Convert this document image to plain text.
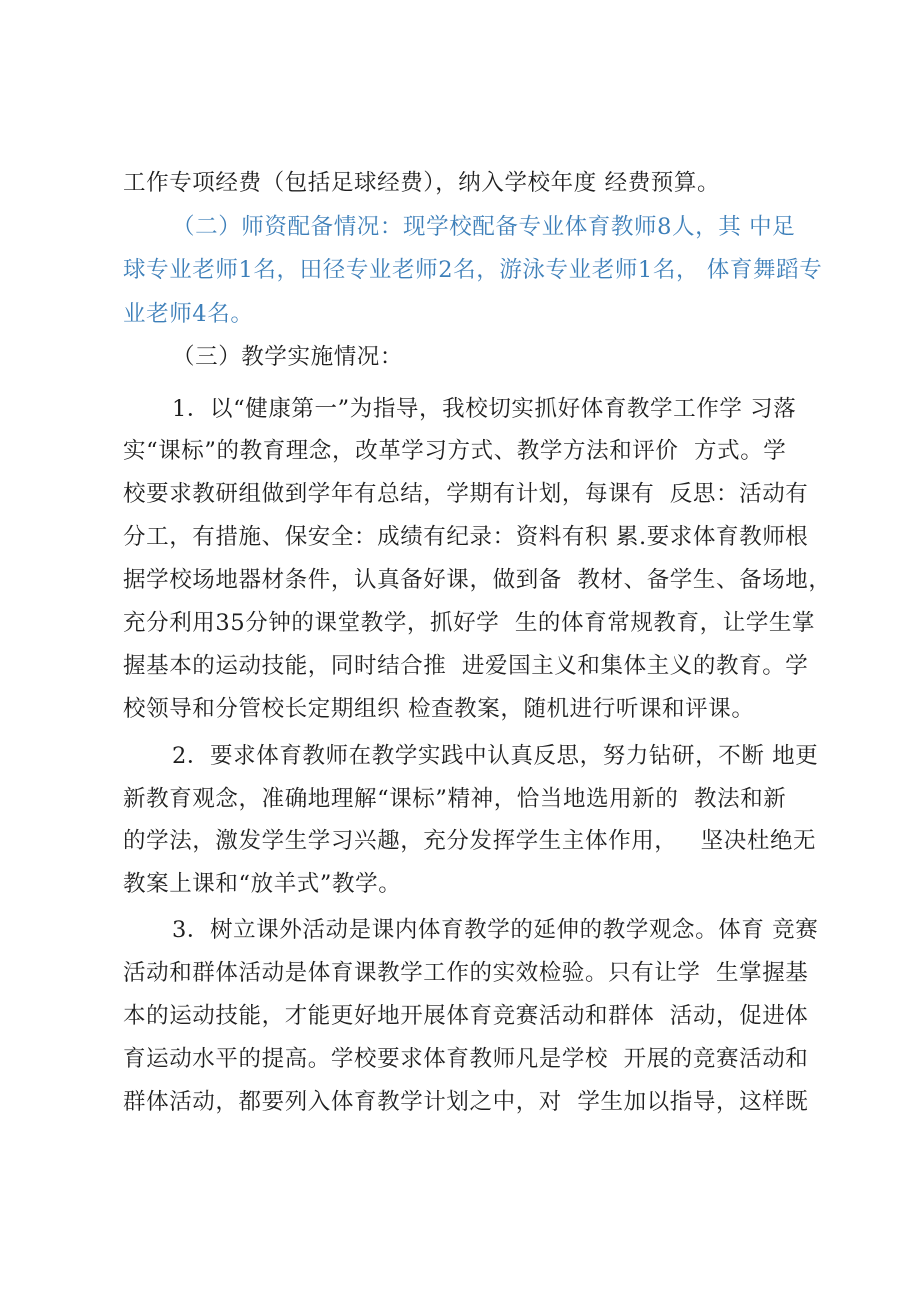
工作专项经费（包括足球经费），纳入学校年度 经费预算。
（二）师资配备情况：现学校配备专业体育教师8人，其 中足
球专业老师1名，田径专业老师2名，游泳专业老师1名， 体育舞蹈专
业老师4名。
（三）教学实施情况：
1．以“健康第一”为指导，我校切实抓好体育教学工作学 习落
实“课标”的教育理念，改革学习方式、教学方法和评价  方式。学
校要求教研组做到学年有总结，学期有计划，每课有  反思：活动有
分工，有措施、保安全：成绩有纪录：资料有积 累.要求体育教师根
据学校场地器材条件，认真备好课，做到备  教材、备学生、备场地，
充分利用35分钟的课堂教学，抓好学  生的体育常规教育，让学生掌
握基本的运动技能，同时结合推  进爱国主义和集体主义的教育。学
校领导和分管校长定期组织 检查教案，随机进行听课和评课。
2．要求体育教师在教学实践中认真反思，努力钻研，不断 地更
新教育观念，准确地理解“课标”精神，恰当地选用新的  教法和新
的学法，激发学生学习兴趣，充分发挥学生主体作用，   坚决杜绝无
教案上课和“放羊式”教学。
3．树立课外活动是课内体育教学的延伸的教学观念。体育 竞赛
活动和群体活动是体育课教学工作的实效检验。只有让学  生掌握基
本的运动技能，才能更好地开展体育竞赛活动和群体  活动，促进体
育运动水平的提高。学校要求体育教师凡是学校  开展的竞赛活动和
群体活动，都要列入体育教学计划之中，对  学生加以指导，这样既
